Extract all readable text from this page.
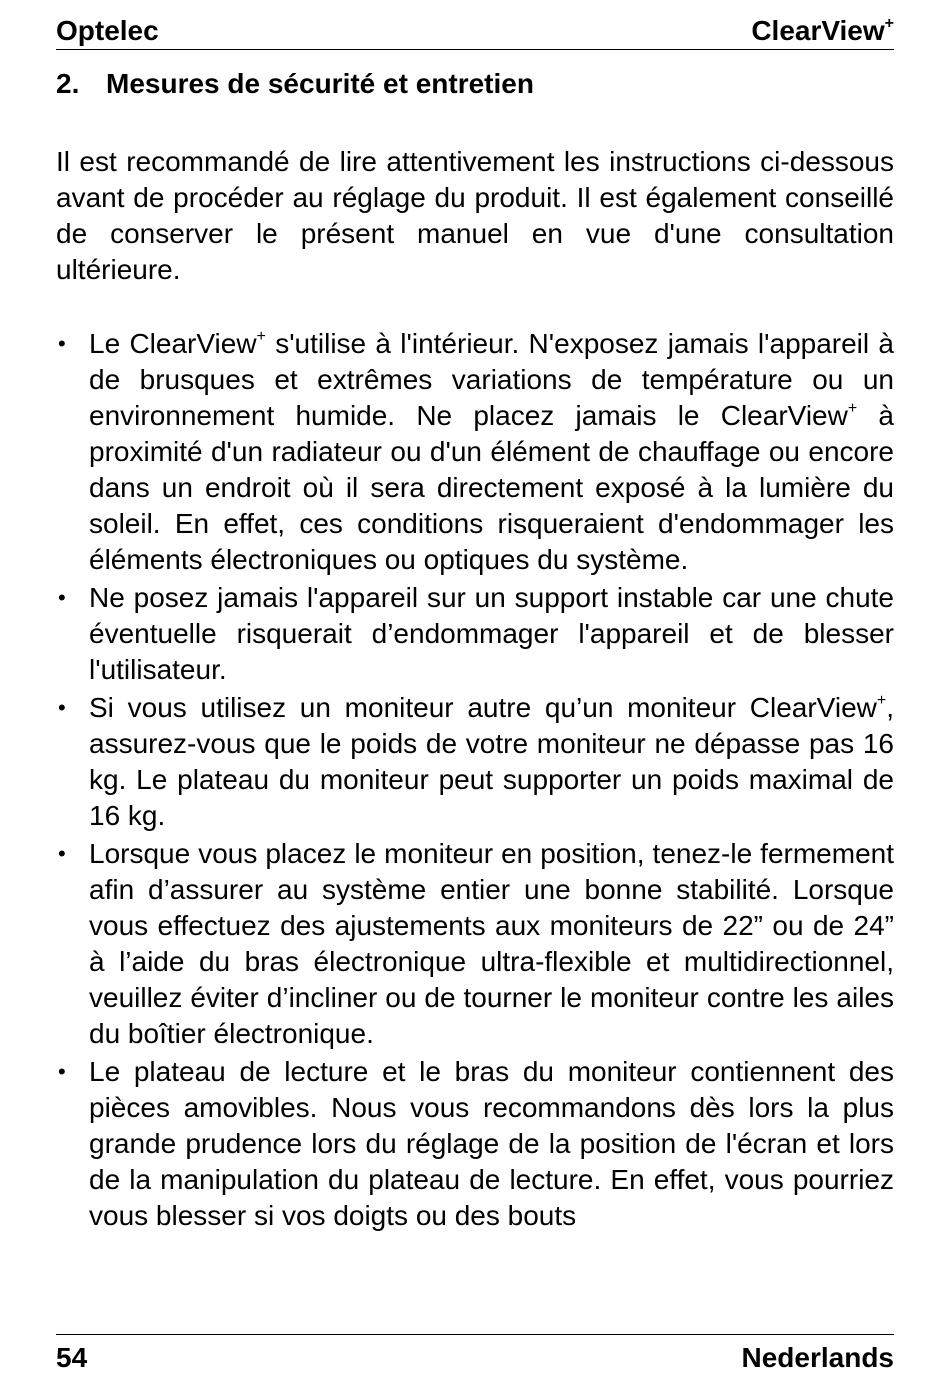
Optelec	ClearView+
2. Mesures de sécurité et entretien

Il est recommandé de lire attentivement les instructions ci-dessous avant de procéder au réglage du produit. Il est également conseillé de conserver le présent manuel en vue d'une consultation ultérieure.

• Le ClearView+ s'utilise à l'intérieur. N'exposez jamais l'appareil à de brusques et extrêmes variations de température ou un environnement humide. Ne placez jamais le ClearView+ à proximité d'un radiateur ou d'un élément de chauffage ou encore dans un endroit où il sera directement exposé à la lumière du soleil. En effet, ces conditions risqueraient d'endommager les éléments électroniques ou optiques du système.
• Ne posez jamais l'appareil sur un support instable car une chute éventuelle risquerait d’endommager l'appareil et de blesser l'utilisateur.
• Si vous utilisez un moniteur autre qu’un moniteur ClearView+, assurez-vous que le poids de votre moniteur ne dépasse pas 16 kg. Le plateau du moniteur peut supporter un poids maximal de 16 kg.
• Lorsque vous placez le moniteur en position, tenez-le fermement afin d’assurer au système entier une bonne stabilité. Lorsque vous effectuez des ajustements aux moniteurs de 22” ou de 24” à l’aide du bras électronique ultra-flexible et multidirectionnel, veuillez éviter d’incliner ou de tourner le moniteur contre les ailes du boîtier électronique.
• Le plateau de lecture et le bras du moniteur contiennent des pièces amovibles. Nous vous recommandons dès lors la plus grande prudence lors du réglage de la position de l'écran et lors de la manipulation du plateau de lecture. En effet, vous pourriez vous blesser si vos doigts ou des bouts
54	Nederlands
